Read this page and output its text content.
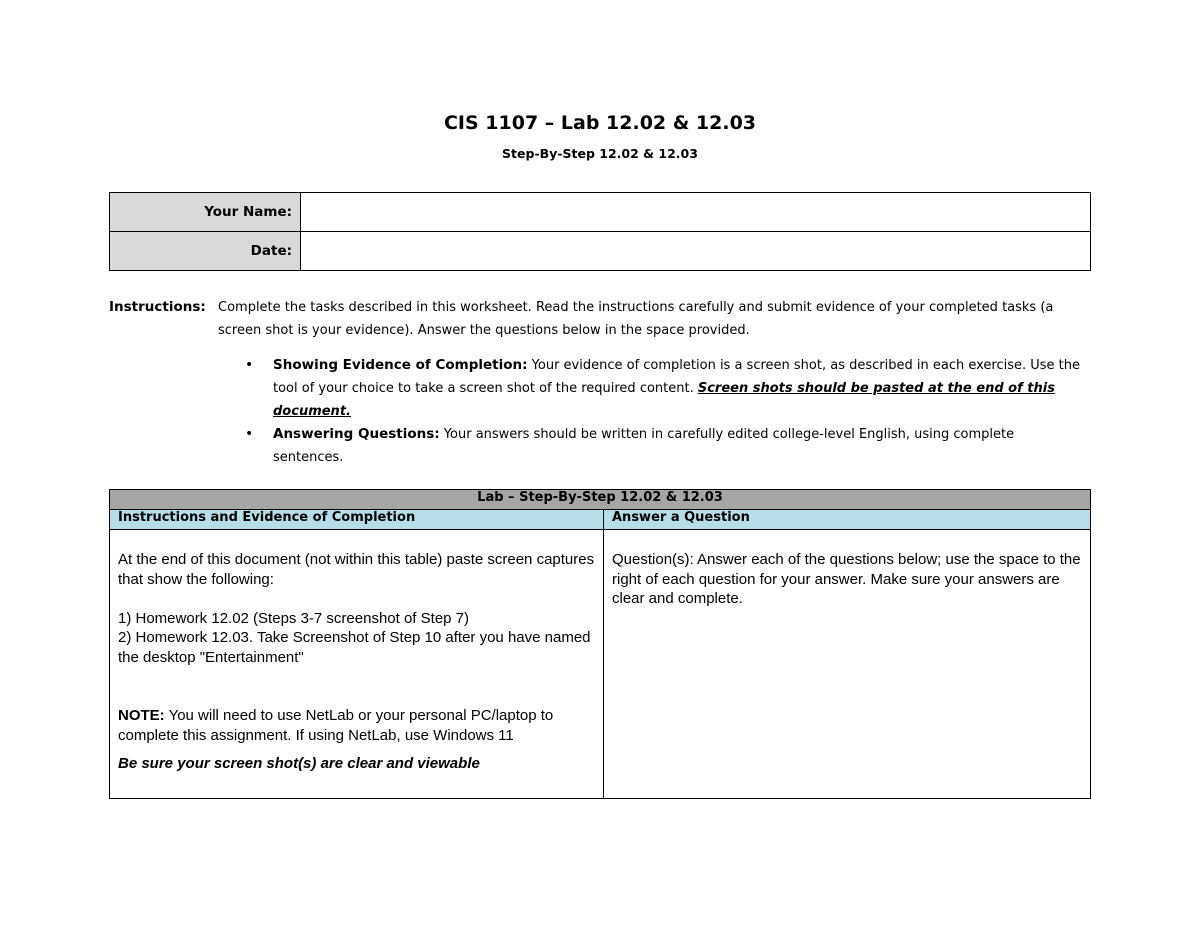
CIS 1107 – Lab 12.02 & 12.03
Step-By-Step 12.02 & 12.03
Your Name:	
Date:	
Instructions: Complete the tasks described in this worksheet. Read the instructions carefully and submit evidence of your completed tasks (a screen shot is your evidence). Answer the questions below in the space provided.
• Showing Evidence of Completion: Your evidence of completion is a screen shot, as described in each exercise. Use the tool of your choice to take a screen shot of the required content. Screen shots should be pasted at the end of this document.
• Answering Questions: Your answers should be written in carefully edited college-level English, using complete sentences.
Lab – Step-By-Step 12.02 & 12.03	
Instructions and Evidence of Completion	Answer a Question

At the end of this document (not within this table) paste screen captures that show the following:
1) Homework 12.02 (Steps 3-7 screenshot of Step 7)
2) Homework 12.03. Take Screenshot of Step 10 after you have named the desktop "Entertainment"
NOTE: You will need to use NetLab or your personal PC/laptop to complete this assignment. If using NetLab, use Windows 11
Be sure your screen shot(s) are clear and viewable	Question(s): Answer each of the questions below; use the space to the right of each question for your answer. Make sure your answers are clear and complete.
